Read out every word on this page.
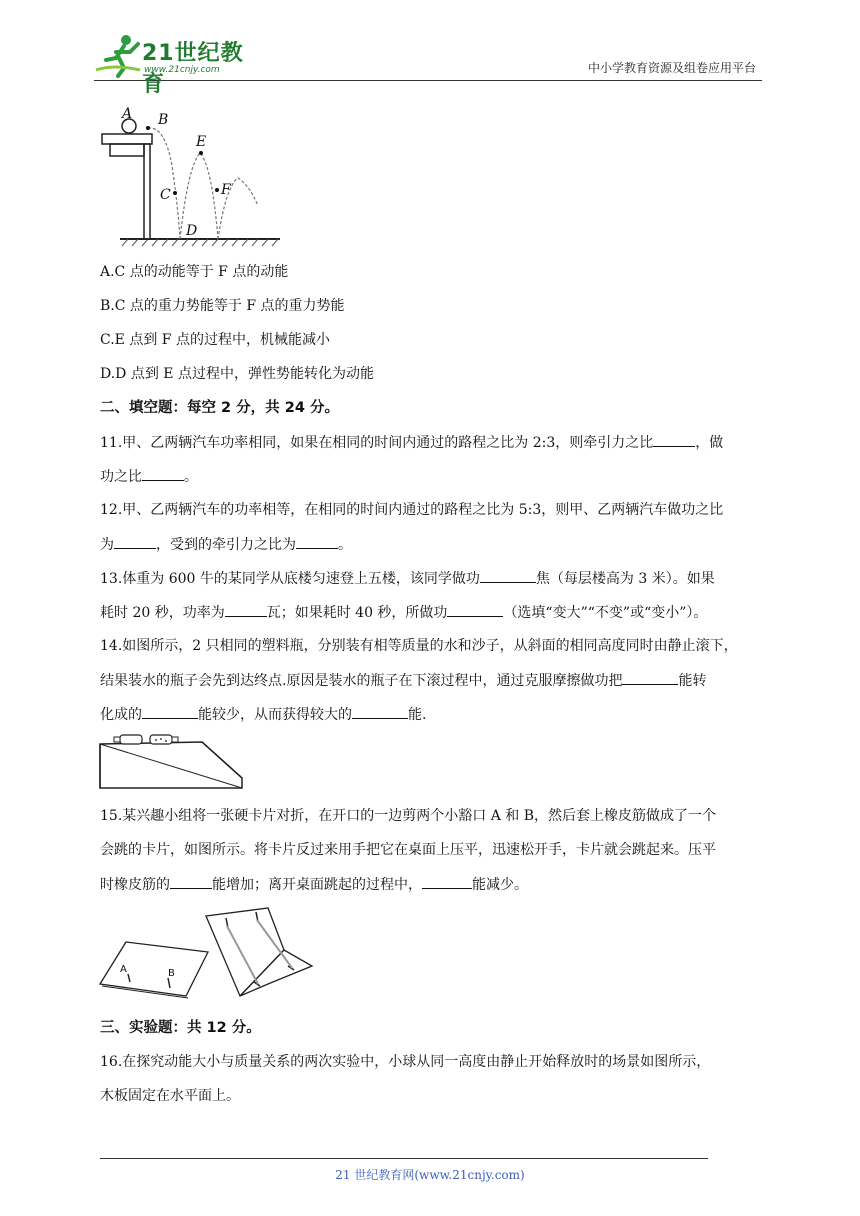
21世纪教育
www.21cnjy.com	中小学教育资源及组卷应用平台
A B
C
D
E
F
A.C 点的动能等于 F 点的动能
B.C 点的重力势能等于 F 点的重力势能
C.E 点到 F 点的过程中，机械能减小
D.D 点到 E 点过程中，弹性势能转化为动能
二、填空题：每空 2 分，共 24 分。
11.甲、乙两辆汽车功率相同，如果在相同的时间内通过的路程之比为 2:3，则牵引力之比	，做
功之比	。
12.甲、乙两辆汽车的功率相等，在相同的时间内通过的路程之比为 5:3，则甲、乙两辆汽车做功之比
为	，受到的牵引力之比为	。
13.体重为 600 牛的某同学从底楼匀速登上五楼，该同学做功	焦（每层楼高为 3 米）。如果
耗时 20 秒，功率为	瓦；如果耗时 40 秒，所做功	（选填“变大”“不变”或“变小”）。
14.如图所示，2 只相同的塑料瓶，分别装有相等质量的水和沙子，从斜面的相同高度同时由静止滚下，
结果装水的瓶子会先到达终点.原因是装水的瓶子在下滚过程中，通过克服摩擦做功把	能转
化成的	能较少，从而获得较大的	能.
15.某兴趣小组将一张硬卡片对折，在开口的一边剪两个小豁口 A 和 B，然后套上橡皮筋做成了一个
会跳的卡片，如图所示。将卡片反过来用手把它在桌面上压平，迅速松开手，卡片就会跳起来。压平
时橡皮筋的	能增加；离开桌面跳起的过程中，	能减少。
A	B
三、实验题：共 12 分。
16.在探究动能大小与质量关系的两次实验中，小球从同一高度由静止开始释放时的场景如图所示，
木板固定在水平面上。
21 世纪教育网(www.21cnjy.com)
